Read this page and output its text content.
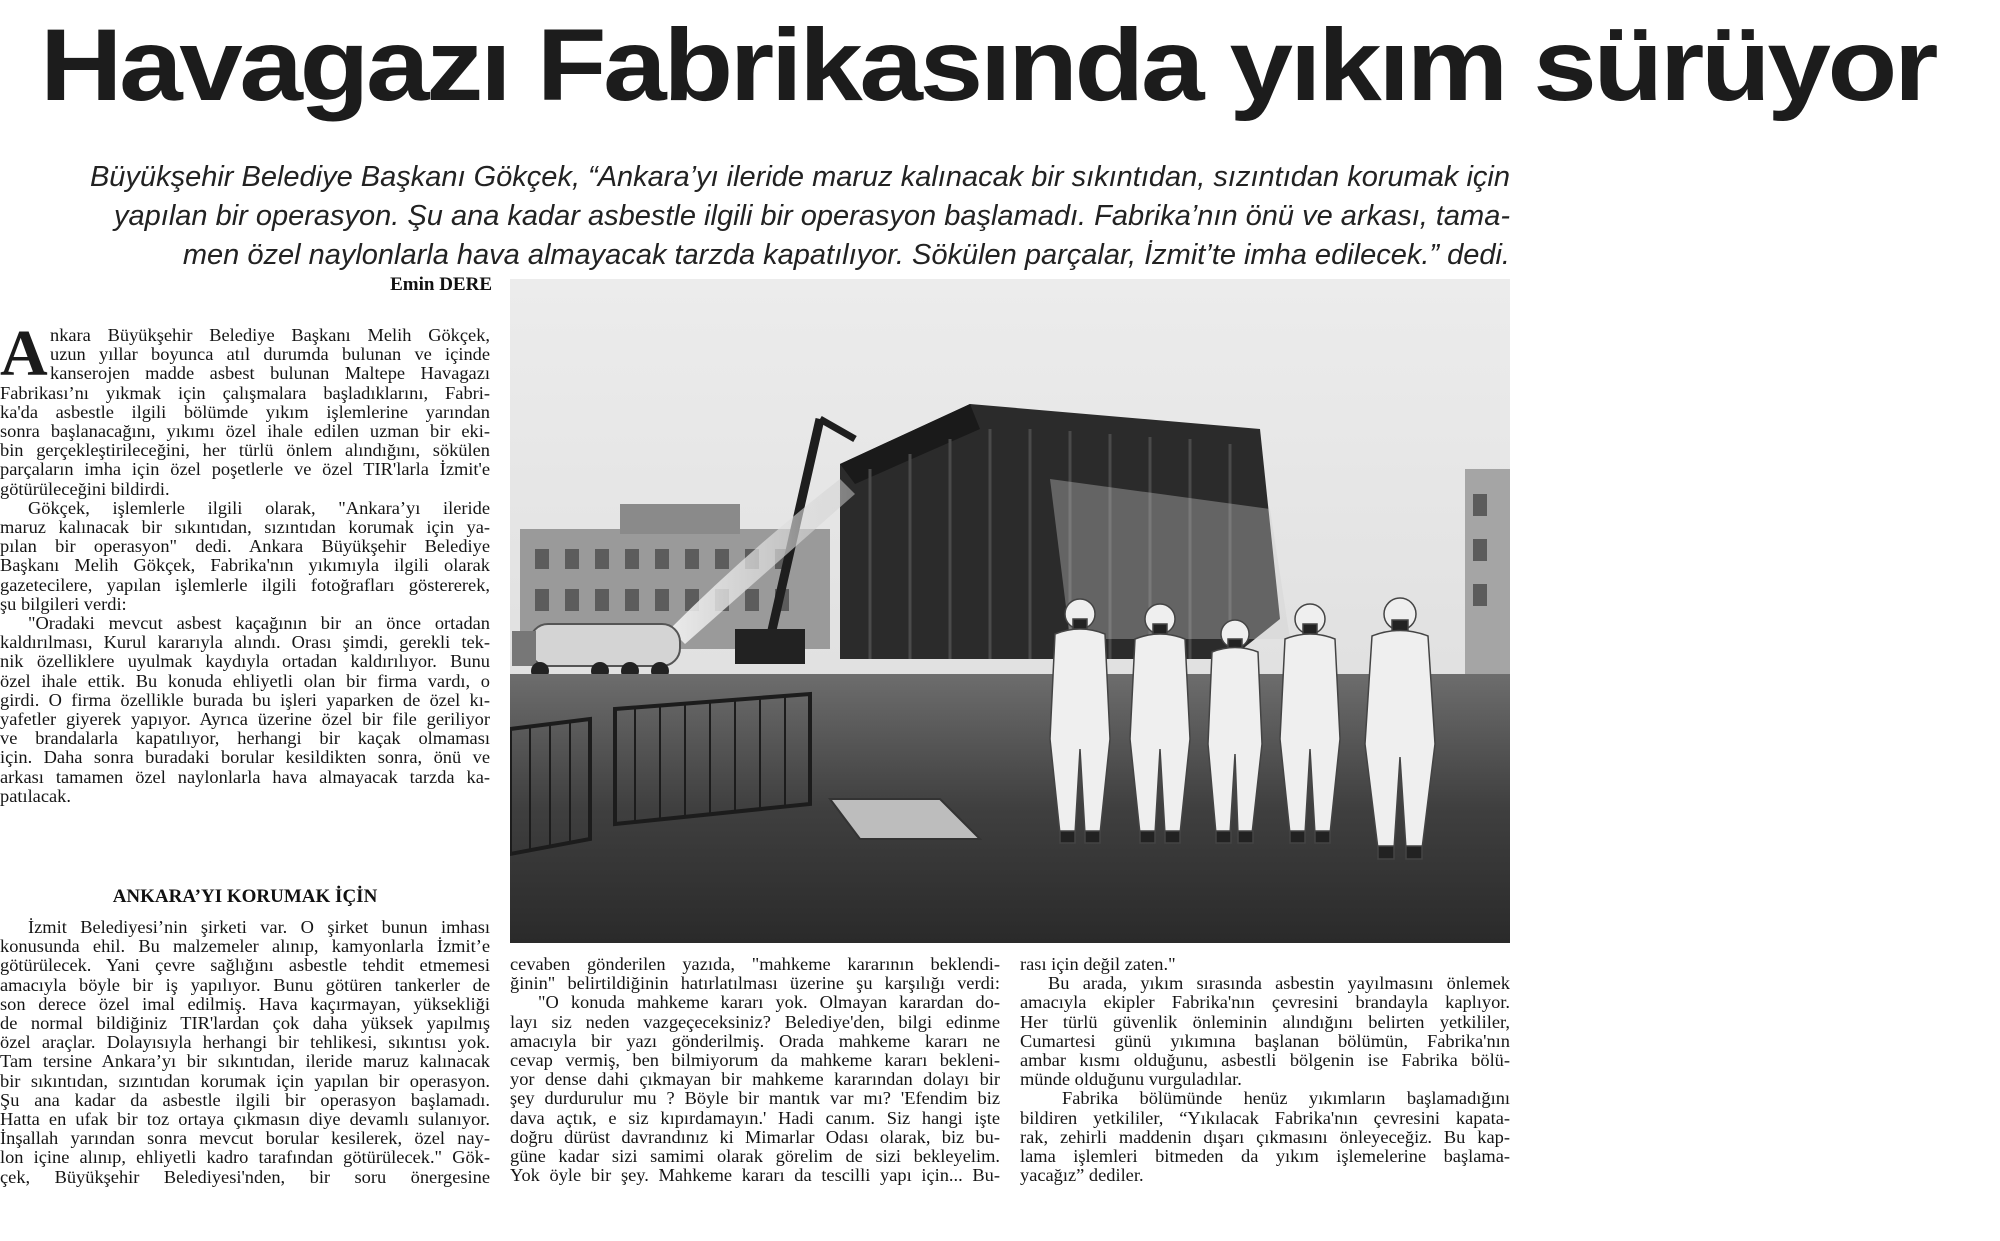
Havagazı Fabrikasında yıkım sürüyor
Büyükşehir Belediye Başkanı Gökçek, “Ankara’yı ileride maruz kalınacak bir sıkıntıdan, sızıntıdan korumak için
yapılan bir operasyon. Şu ana kadar asbestle ilgili bir operasyon başlamadı. Fabrika’nın önü ve arkası, tama-
men özel naylonlarla hava almayacak tarzda kapatılıyor. Sökülen parçalar, İzmit’te imha edilecek.” dedi.
Emin DERE
A nkara Büyükşehir Belediye Başkanı Melih Gökçek,

uzun yıllar boyunca atıl durumda bulunan ve içinde

kanserojen madde asbest bulunan Maltepe Havagazı

Fabrikası’nı yıkmak için çalışmalara başladıklarını, Fabri-

ka'da asbestle ilgili bölümde yıkım işlemlerine yarından

sonra başlanacağını, yıkımı özel ihale edilen uzman bir eki-

bin gerçekleştirileceğini, her türlü önlem alındığını, sökülen

parçaların imha için özel poşetlerle ve özel TIR'larla İzmit'e

götürüleceğini bildirdi.

Gökçek, işlemlerle ilgili olarak, "Ankara’yı ileride

maruz kalınacak bir sıkıntıdan, sızıntıdan korumak için ya-

pılan bir operasyon" dedi. Ankara Büyükşehir Belediye

Başkanı Melih Gökçek, Fabrika'nın yıkımıyla ilgili olarak

gazetecilere, yapılan işlemlerle ilgili fotoğrafları göstererek,

şu bilgileri verdi:

"Oradaki mevcut asbest kaçağının bir an önce ortadan

kaldırılması, Kurul kararıyla alındı. Orası şimdi, gerekli tek-

nik özelliklere uyulmak kaydıyla ortadan kaldırılıyor. Bunu

özel ihale ettik. Bu konuda ehliyetli olan bir firma vardı, o

girdi. O firma özellikle burada bu işleri yaparken de özel kı-

yafetler giyerek yapıyor. Ayrıca üzerine özel bir file geriliyor

ve brandalarla kapatılıyor, herhangi bir kaçak olmaması

için. Daha sonra buradaki borular kesildikten sonra, önü ve

arkası tamamen özel naylonlarla hava almayacak tarzda ka-

patılacak.

ANKARA’YI KORUMAK İÇİN

İzmit Belediyesi’nin şirketi var. O şirket bunun imhası

konusunda ehil. Bu malzemeler alınıp, kamyonlarla İzmit’e

götürülecek. Yani çevre sağlığını asbestle tehdit etmemesi

amacıyla böyle bir iş yapılıyor. Bunu götüren tankerler de

son derece özel imal edilmiş. Hava kaçırmayan, yüksekliği

de normal bildiğiniz TIR'lardan çok daha yüksek yapılmış

özel araçlar. Dolayısıyla herhangi bir tehlikesi, sıkıntısı yok.

Tam tersine Ankara’yı bir sıkıntıdan, ileride maruz kalınacak

bir sıkıntıdan, sızıntıdan korumak için yapılan bir operasyon.

Şu ana kadar da asbestle ilgili bir operasyon başlamadı.

Hatta en ufak bir toz ortaya çıkmasın diye devamlı sulanıyor.

İnşallah yarından sonra mevcut borular kesilerek, özel nay-

lon içine alınıp, ehliyetli kadro tarafından götürülecek." Gök-

çek, Büyükşehir Belediyesi'nden, bir soru önergesine

cevaben gönderilen yazıda, "mahkeme kararının beklendi-

ğinin" belirtildiğinin hatırlatılması üzerine şu karşılığı verdi:

"O konuda mahkeme kararı yok. Olmayan karardan do-

layı siz neden vazgeçeceksiniz? Belediye'den, bilgi edinme

amacıyla bir yazı gönderilmiş. Orada mahkeme kararı ne

cevap vermiş, ben bilmiyorum da mahkeme kararı bekleni-

yor dense dahi çıkmayan bir mahkeme kararından dolayı bir

şey durdurulur mu ? Böyle bir mantık var mı? 'Efendim biz

dava açtık, e siz kıpırdamayın.' Hadi canım. Siz hangi işte

doğru dürüst davrandınız ki Mimarlar Odası olarak, biz bu-

güne kadar sizi samimi olarak görelim de sizi bekleyelim.

Yok öyle bir şey. Mahkeme kararı da tescilli yapı için... Bu-

rası için değil zaten."

Bu arada, yıkım sırasında asbestin yayılmasını önlemek

amacıyla ekipler Fabrika'nın çevresini brandayla kaplıyor.

Her türlü güvenlik önleminin alındığını belirten yetkililer,

Cumartesi günü yıkımına başlanan bölümün, Fabrika'nın

ambar kısmı olduğunu, asbestli bölgenin ise Fabrika bölü-

münde olduğunu vurguladılar.

Fabrika bölümünde henüz yıkımların başlamadığını

bildiren yetkililer, “Yıkılacak Fabrika'nın çevresini kapata-

rak, zehirli maddenin dışarı çıkmasını önleyeceğiz. Bu kap-

lama işlemleri bitmeden da yıkım işlemelerine başlama-

yacağız” dediler.
